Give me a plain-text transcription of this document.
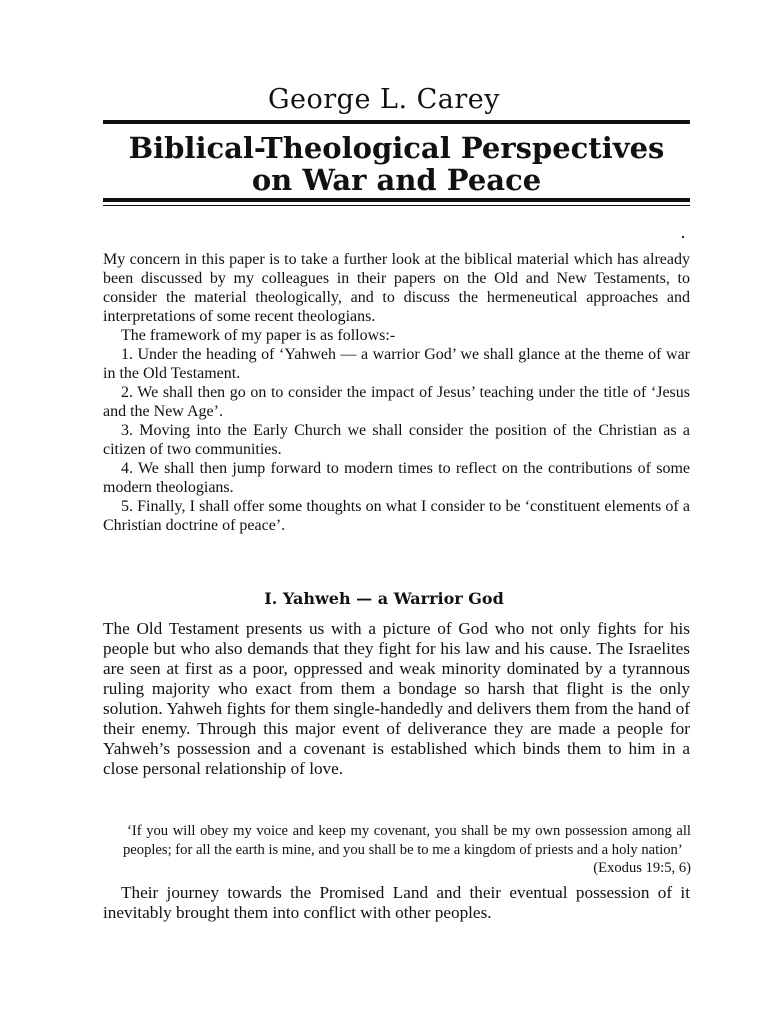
George L. Carey
Biblical-Theological Perspectives
on War and Peace

My concern in this paper is to take a further look at the biblical material which has already been discussed by my colleagues in their papers on the Old and New Testaments, to consider the material theologically, and to discuss the hermeneutical approaches and interpretations of some recent theologians.

The framework of my paper is as follows:-

1. Under the heading of ‘Yahweh — a warrior God’ we shall glance at the theme of war in the Old Testament.

2. We shall then go on to consider the impact of Jesus’ teaching under the title of ‘Jesus and the New Age’.

3. Moving into the Early Church we shall consider the position of the Christian as a citizen of two communities.

4. We shall then jump forward to modern times to reflect on the contributions of some modern theologians.

5. Finally, I shall offer some thoughts on what I consider to be ‘constituent elements of a Christian doctrine of peace’.

I. Yahweh — a Warrior God
The Old Testament presents us with a picture of God who not only fights for his people but who also demands that they fight for his law and his cause. The Israelites are seen at first as a poor, oppressed and weak minority dominated by a tyrannous ruling majority who exact from them a bondage so harsh that flight is the only solution. Yahweh fights for them single-handedly and delivers them from the hand of their enemy. Through this major event of deliverance they are made a people for Yahweh’s possession and a covenant is established which binds them to him in a close personal relationship of love.

‘If you will obey my voice and keep my covenant, you shall be my own possession among all peoples; for all the earth is mine, and you shall be to me a kingdom of priests and a holy nation’
(Exodus 19:5, 6)

Their journey towards the Promised Land and their eventual possession of it inevitably brought them into conflict with other peoples.
